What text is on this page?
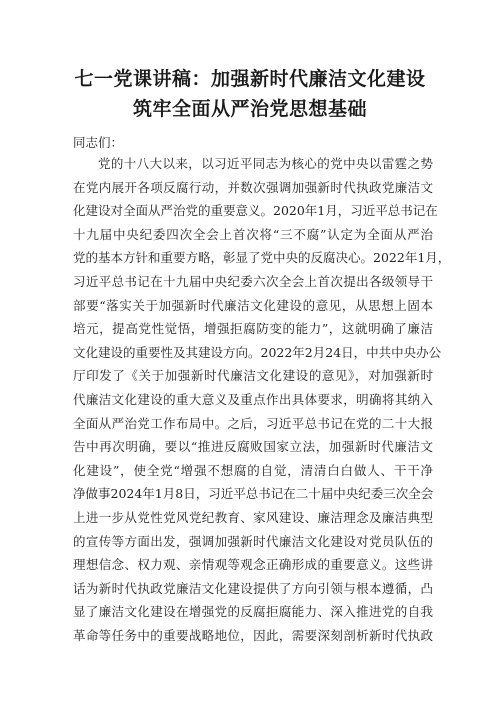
七一党课讲稿：加强新时代廉洁文化建设
筑牢全面从严治党思想基础
同志们：
党的十八大以来，以习近平同志为核心的党中央以雷霆之势
在党内展开各项反腐行动，并数次强调加强新时代执政党廉洁文
化建设对全面从严治党的重要意义。2020年1月，习近平总书记在
十九届中央纪委四次全会上首次将“三不腐”认定为全面从严治
党的基本方针和重要方略，彰显了党中央的反腐决心。2022年1月，
习近平总书记在十九届中央纪委六次全会上首次提出各级领导干
部要“落实关于加强新时代廉洁文化建设的意见，从思想上固本
培元，提高党性觉悟，增强拒腐防变的能力”，这就明确了廉洁
文化建设的重要性及其建设方向。2022年2月24日，中共中央办公
厅印发了《关于加强新时代廉洁文化建设的意见》，对加强新时
代廉洁文化建设的重大意义及重点作出具体要求，明确将其纳入
全面从严治党工作布局中。之后，习近平总书记在党的二十大报
告中再次明确，要以“推进反腐败国家立法，加强新时代廉洁文
化建设”，使全党“增强不想腐的自觉，清清白白做人、干干净
净做事2024年1月8日，习近平总书记在二十届中央纪委三次全会
上进一步从党性党风党纪教育、家风建设、廉洁理念及廉洁典型
的宣传等方面出发，强调加强新时代廉洁文化建设对党员队伍的
理想信念、权力观、亲情观等观念正确形成的重要意义。这些讲
话为新时代执政党廉洁文化建设提供了方向引领与根本遵循，凸
显了廉洁文化建设在增强党的反腐拒腐能力、深入推进党的自我
革命等任务中的重要战略地位，因此，需要深刻剖析新时代执政
